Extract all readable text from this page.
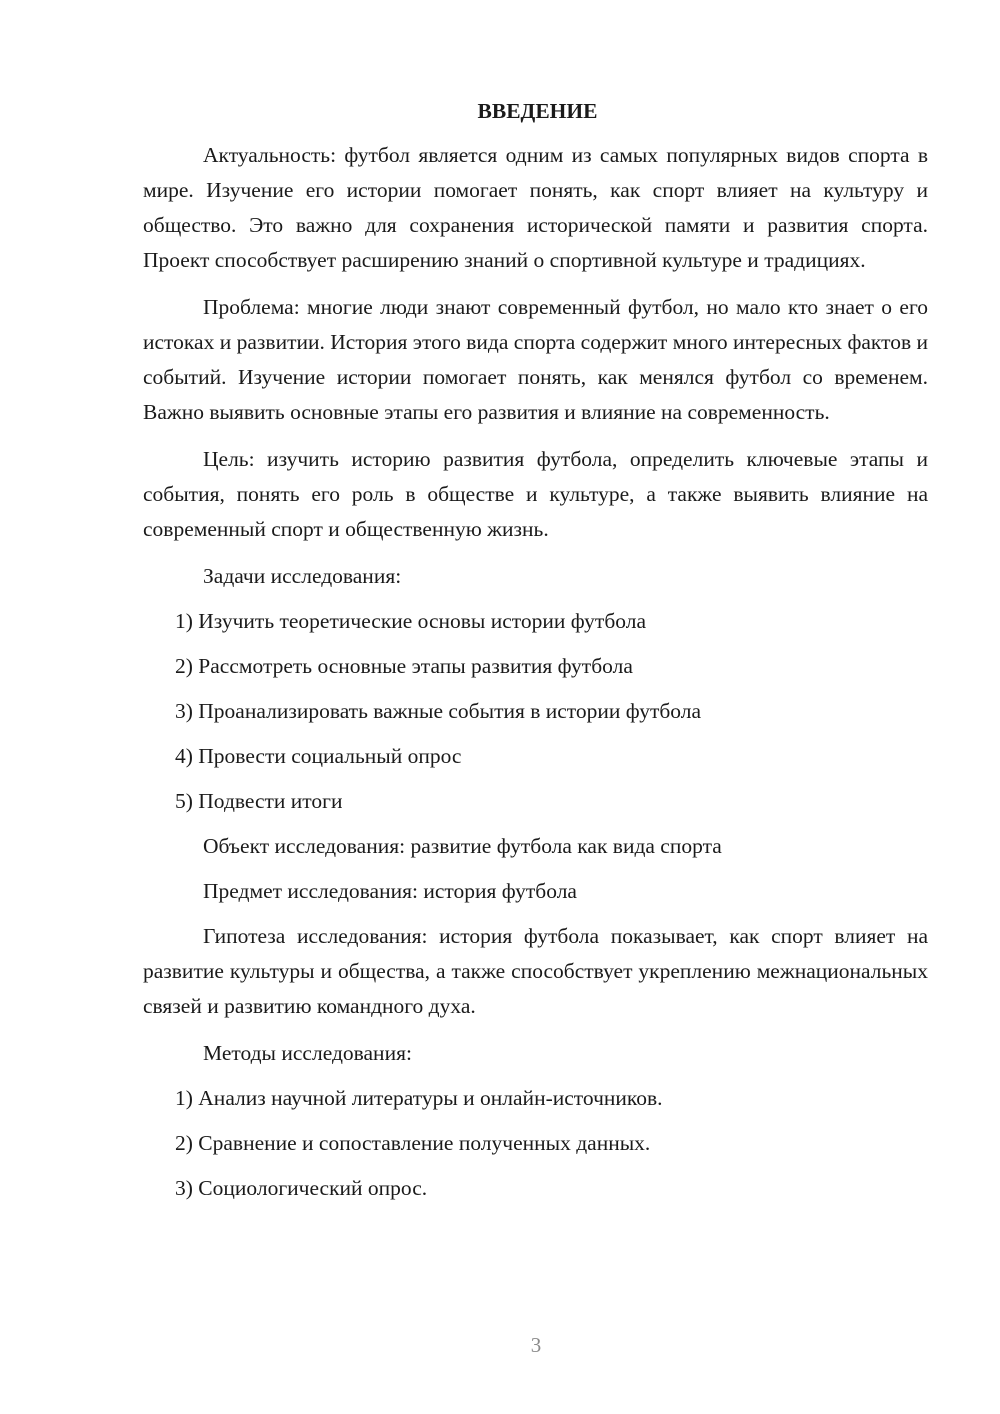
ВВЕДЕНИЕ

Актуальность: футбол является одним из самых популярных видов спорта в мире. Изучение его истории помогает понять, как спорт влияет на культуру и общество. Это важно для сохранения исторической памяти и развития спорта. Проект способствует расширению знаний о спортивной культуре и традициях.

Проблема: многие люди знают современный футбол, но мало кто знает о его истоках и развитии. История этого вида спорта содержит много интересных фактов и событий. Изучение истории помогает понять, как менялся футбол со временем. Важно выявить основные этапы его развития и влияние на современность.

Цель: изучить историю развития футбола, определить ключевые этапы и события, понять его роль в обществе и культуре, а также выявить влияние на современный спорт и общественную жизнь.

Задачи исследования:

1) Изучить теоретические основы истории футбола
2) Рассмотреть основные этапы развития футбола
3) Проанализировать важные события в истории футбола
4) Провести социальный опрос
5) Подвести итоги

Объект исследования: развитие футбола как вида спорта

Предмет исследования: история футбола

Гипотеза исследования: история футбола показывает, как спорт влияет на развитие культуры и общества, а также способствует укреплению межнациональных связей и развитию командного духа.

Методы исследования:

1) Анализ научной литературы и онлайн-источников.
2) Сравнение и сопоставление полученных данных.
3) Социологический опрос.
3
